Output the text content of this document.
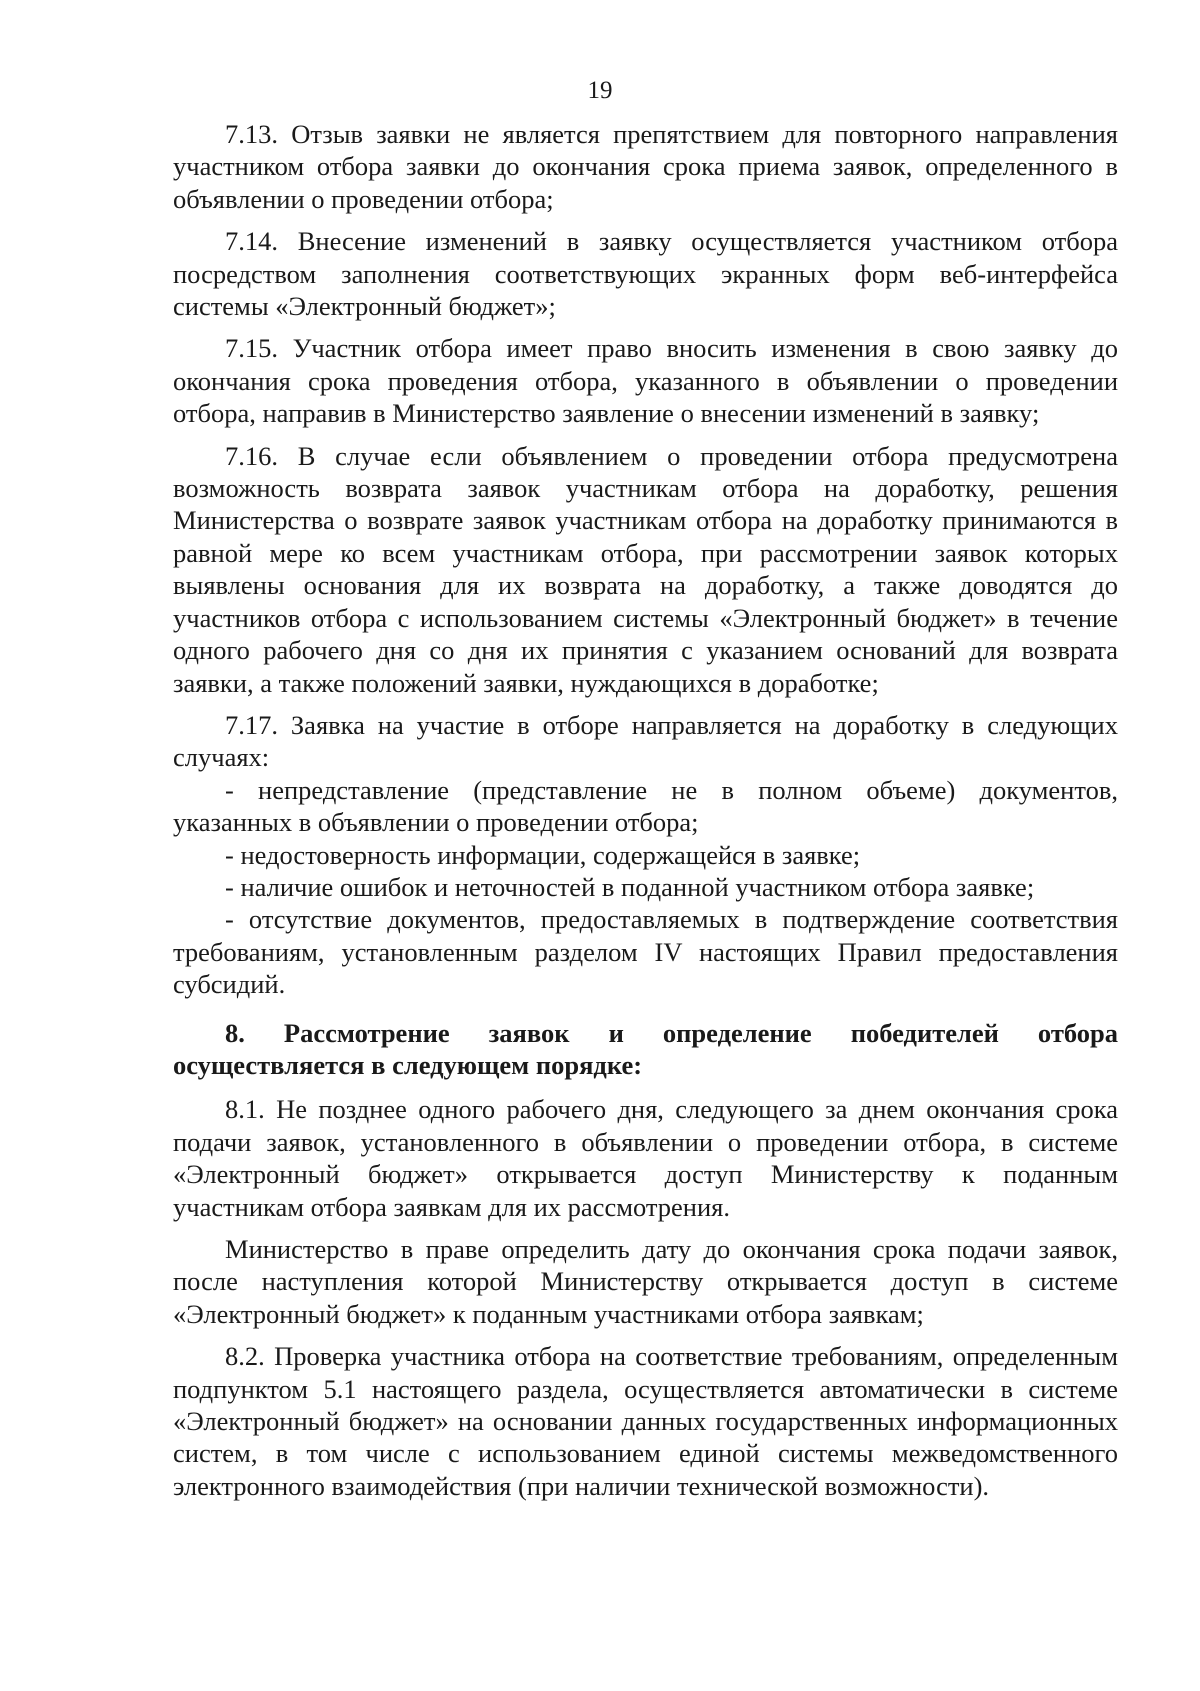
19

7.13. Отзыв заявки не является препятствием для повторного направления участником отбора заявки до окончания срока приема заявок, определенного в объявлении о проведении отбора;

7.14. Внесение изменений в заявку осуществляется участником отбора посредством заполнения соответствующих экранных форм веб-интерфейса системы «Электронный бюджет»;

7.15. Участник отбора имеет право вносить изменения в свою заявку до окончания срока проведения отбора, указанного в объявлении о проведении отбора, направив в Министерство заявление о внесении изменений в заявку;

7.16. В случае если объявлением о проведении отбора предусмотрена возможность возврата заявок участникам отбора на доработку, решения Министерства о возврате заявок участникам отбора на доработку принимаются в равной мере ко всем участникам отбора, при рассмотрении заявок которых выявлены основания для их возврата на доработку, а также доводятся до участников отбора с использованием системы «Электронный бюджет» в течение одного рабочего дня со дня их принятия с указанием оснований для возврата заявки, а также положений заявки, нуждающихся в доработке;

7.17. Заявка на участие в отборе направляется на доработку в следующих случаях:

- непредставление (представление не в полном объеме) документов, указанных в объявлении о проведении отбора;

- недостоверность информации, содержащейся в заявке;

- наличие ошибок и неточностей в поданной участником отбора заявке;

- отсутствие документов, предоставляемых в подтверждение соответствия требованиям, установленным разделом IV настоящих Правил предоставления субсидий.

8. Рассмотрение заявок и определение победителей отбора осуществляется в следующем порядке:

8.1. Не позднее одного рабочего дня, следующего за днем окончания срока подачи заявок, установленного в объявлении о проведении отбора, в системе «Электронный бюджет» открывается доступ Министерству к поданным участникам отбора заявкам для их рассмотрения.

Министерство в праве определить дату до окончания срока подачи заявок, после наступления которой Министерству открывается доступ в системе «Электронный бюджет» к поданным участниками отбора заявкам;

8.2. Проверка участника отбора на соответствие требованиям, определенным подпунктом 5.1 настоящего раздела, осуществляется автоматически в системе «Электронный бюджет» на основании данных государственных информационных систем, в том числе с использованием единой системы межведомственного электронного взаимодействия (при наличии технической возможности).
